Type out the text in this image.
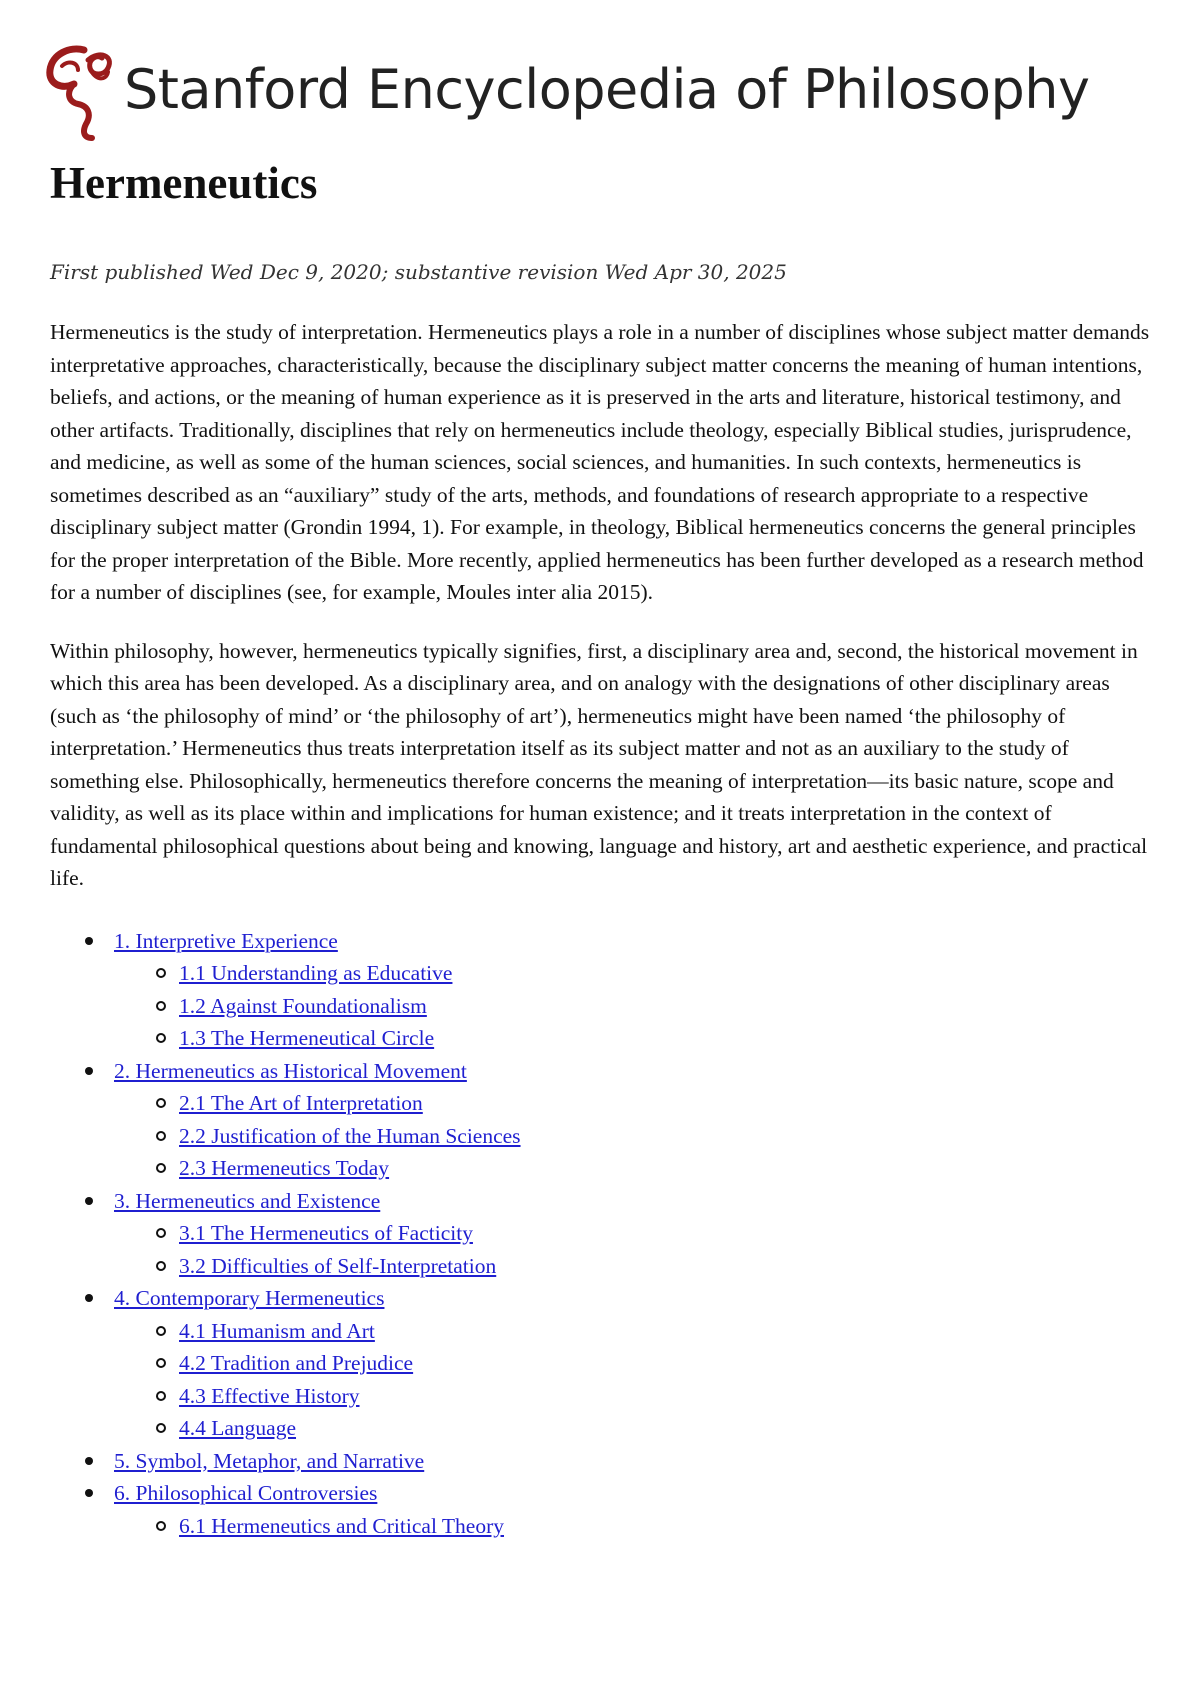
Stanford Encyclopedia of Philosophy
Hermeneutics
First published Wed Dec 9, 2020; substantive revision Wed Apr 30, 2025

Hermeneutics is the study of interpretation. Hermeneutics plays a role in a number of disciplines whose subject matter demands interpretative approaches, characteristically, because the disciplinary subject matter concerns the meaning of human intentions, beliefs, and actions, or the meaning of human experience as it is preserved in the arts and literature, historical testimony, and other artifacts. Traditionally, disciplines that rely on hermeneutics include theology, especially Biblical studies, jurisprudence, and medicine, as well as some of the human sciences, social sciences, and humanities. In such contexts, hermeneutics is sometimes described as an “auxiliary” study of the arts, methods, and foundations of research appropriate to a respective disciplinary subject matter (Grondin 1994, 1). For example, in theology, Biblical hermeneutics concerns the general principles for the proper interpretation of the Bible. More recently, applied hermeneutics has been further developed as a research method for a number of disciplines (see, for example, Moules inter alia 2015).

Within philosophy, however, hermeneutics typically signifies, first, a disciplinary area and, second, the historical movement in which this area has been developed. As a disciplinary area, and on analogy with the designations of other disciplinary areas (such as ‘the philosophy of mind’ or ‘the philosophy of art’), hermeneutics might have been named ‘the philosophy of interpretation.’ Hermeneutics thus treats interpretation itself as its subject matter and not as an auxiliary to the study of something else. Philosophically, hermeneutics therefore concerns the meaning of interpretation—its basic nature, scope and validity, as well as its place within and implications for human existence; and it treats interpretation in the context of fundamental philosophical questions about being and knowing, language and history, art and aesthetic experience, and practical life.

1. Interpretive Experience
1.1 Understanding as Educative
1.2 Against Foundationalism
1.3 The Hermeneutical Circle
2. Hermeneutics as Historical Movement
2.1 The Art of Interpretation
2.2 Justification of the Human Sciences
2.3 Hermeneutics Today
3. Hermeneutics and Existence
3.1 The Hermeneutics of Facticity
3.2 Difficulties of Self-Interpretation
4. Contemporary Hermeneutics
4.1 Humanism and Art
4.2 Tradition and Prejudice
4.3 Effective History
4.4 Language
5. Symbol, Metaphor, and Narrative
6. Philosophical Controversies
6.1 Hermeneutics and Critical Theory
